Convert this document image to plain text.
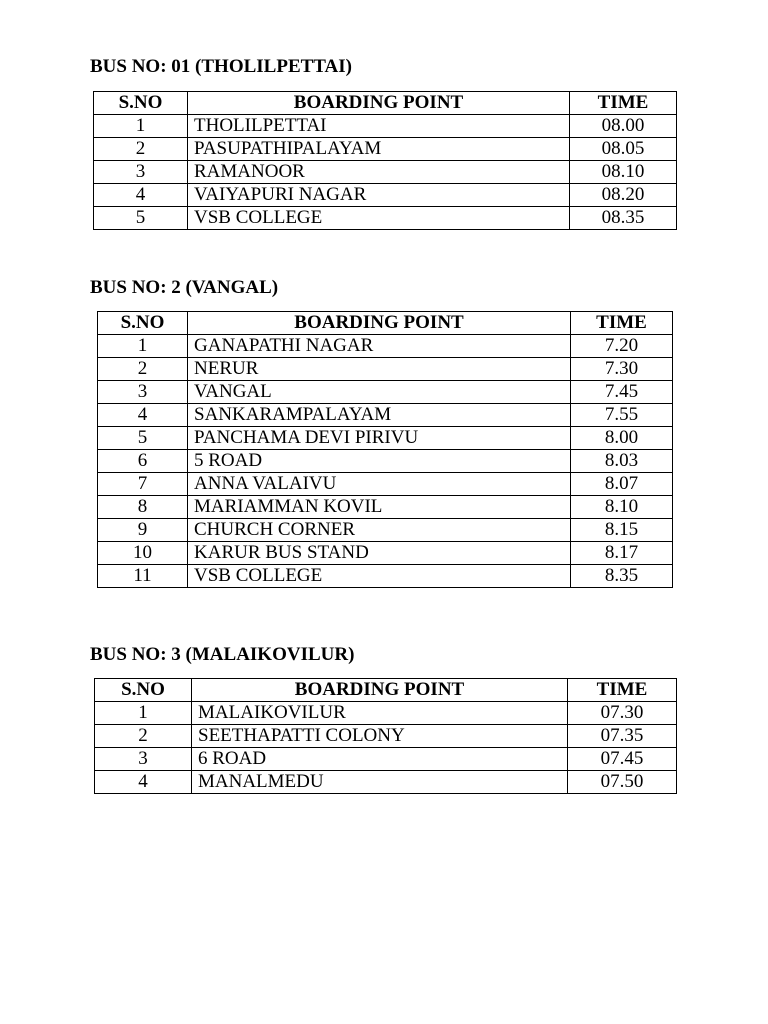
BUS NO: 01 (THOLILPETTAI)
S.NO	BOARDING POINT	TIME
1	THOLILPETTAI	08.00
2	PASUPATHIPALAYAM	08.05
3	RAMANOOR	08.10
4	VAIYAPURI NAGAR	08.20
5	VSB COLLEGE	08.35
BUS NO: 2 (VANGAL)
S.NO	BOARDING POINT	TIME
1	GANAPATHI NAGAR	7.20
2	NERUR	7.30
3	VANGAL	7.45
4	SANKARAMPALAYAM	7.55
5	PANCHAMA DEVI PIRIVU	8.00
6	5 ROAD	8.03
7	ANNA VALAIVU	8.07
8	MARIAMMAN KOVIL	8.10
9	CHURCH CORNER	8.15
10	KARUR BUS STAND	8.17
11	VSB COLLEGE	8.35
BUS NO: 3 (MALAIKOVILUR)
S.NO	BOARDING POINT	TIME
1	MALAIKOVILUR	07.30
2	SEETHAPATTI COLONY	07.35
3	6 ROAD	07.45
4	MANALMEDU	07.50
